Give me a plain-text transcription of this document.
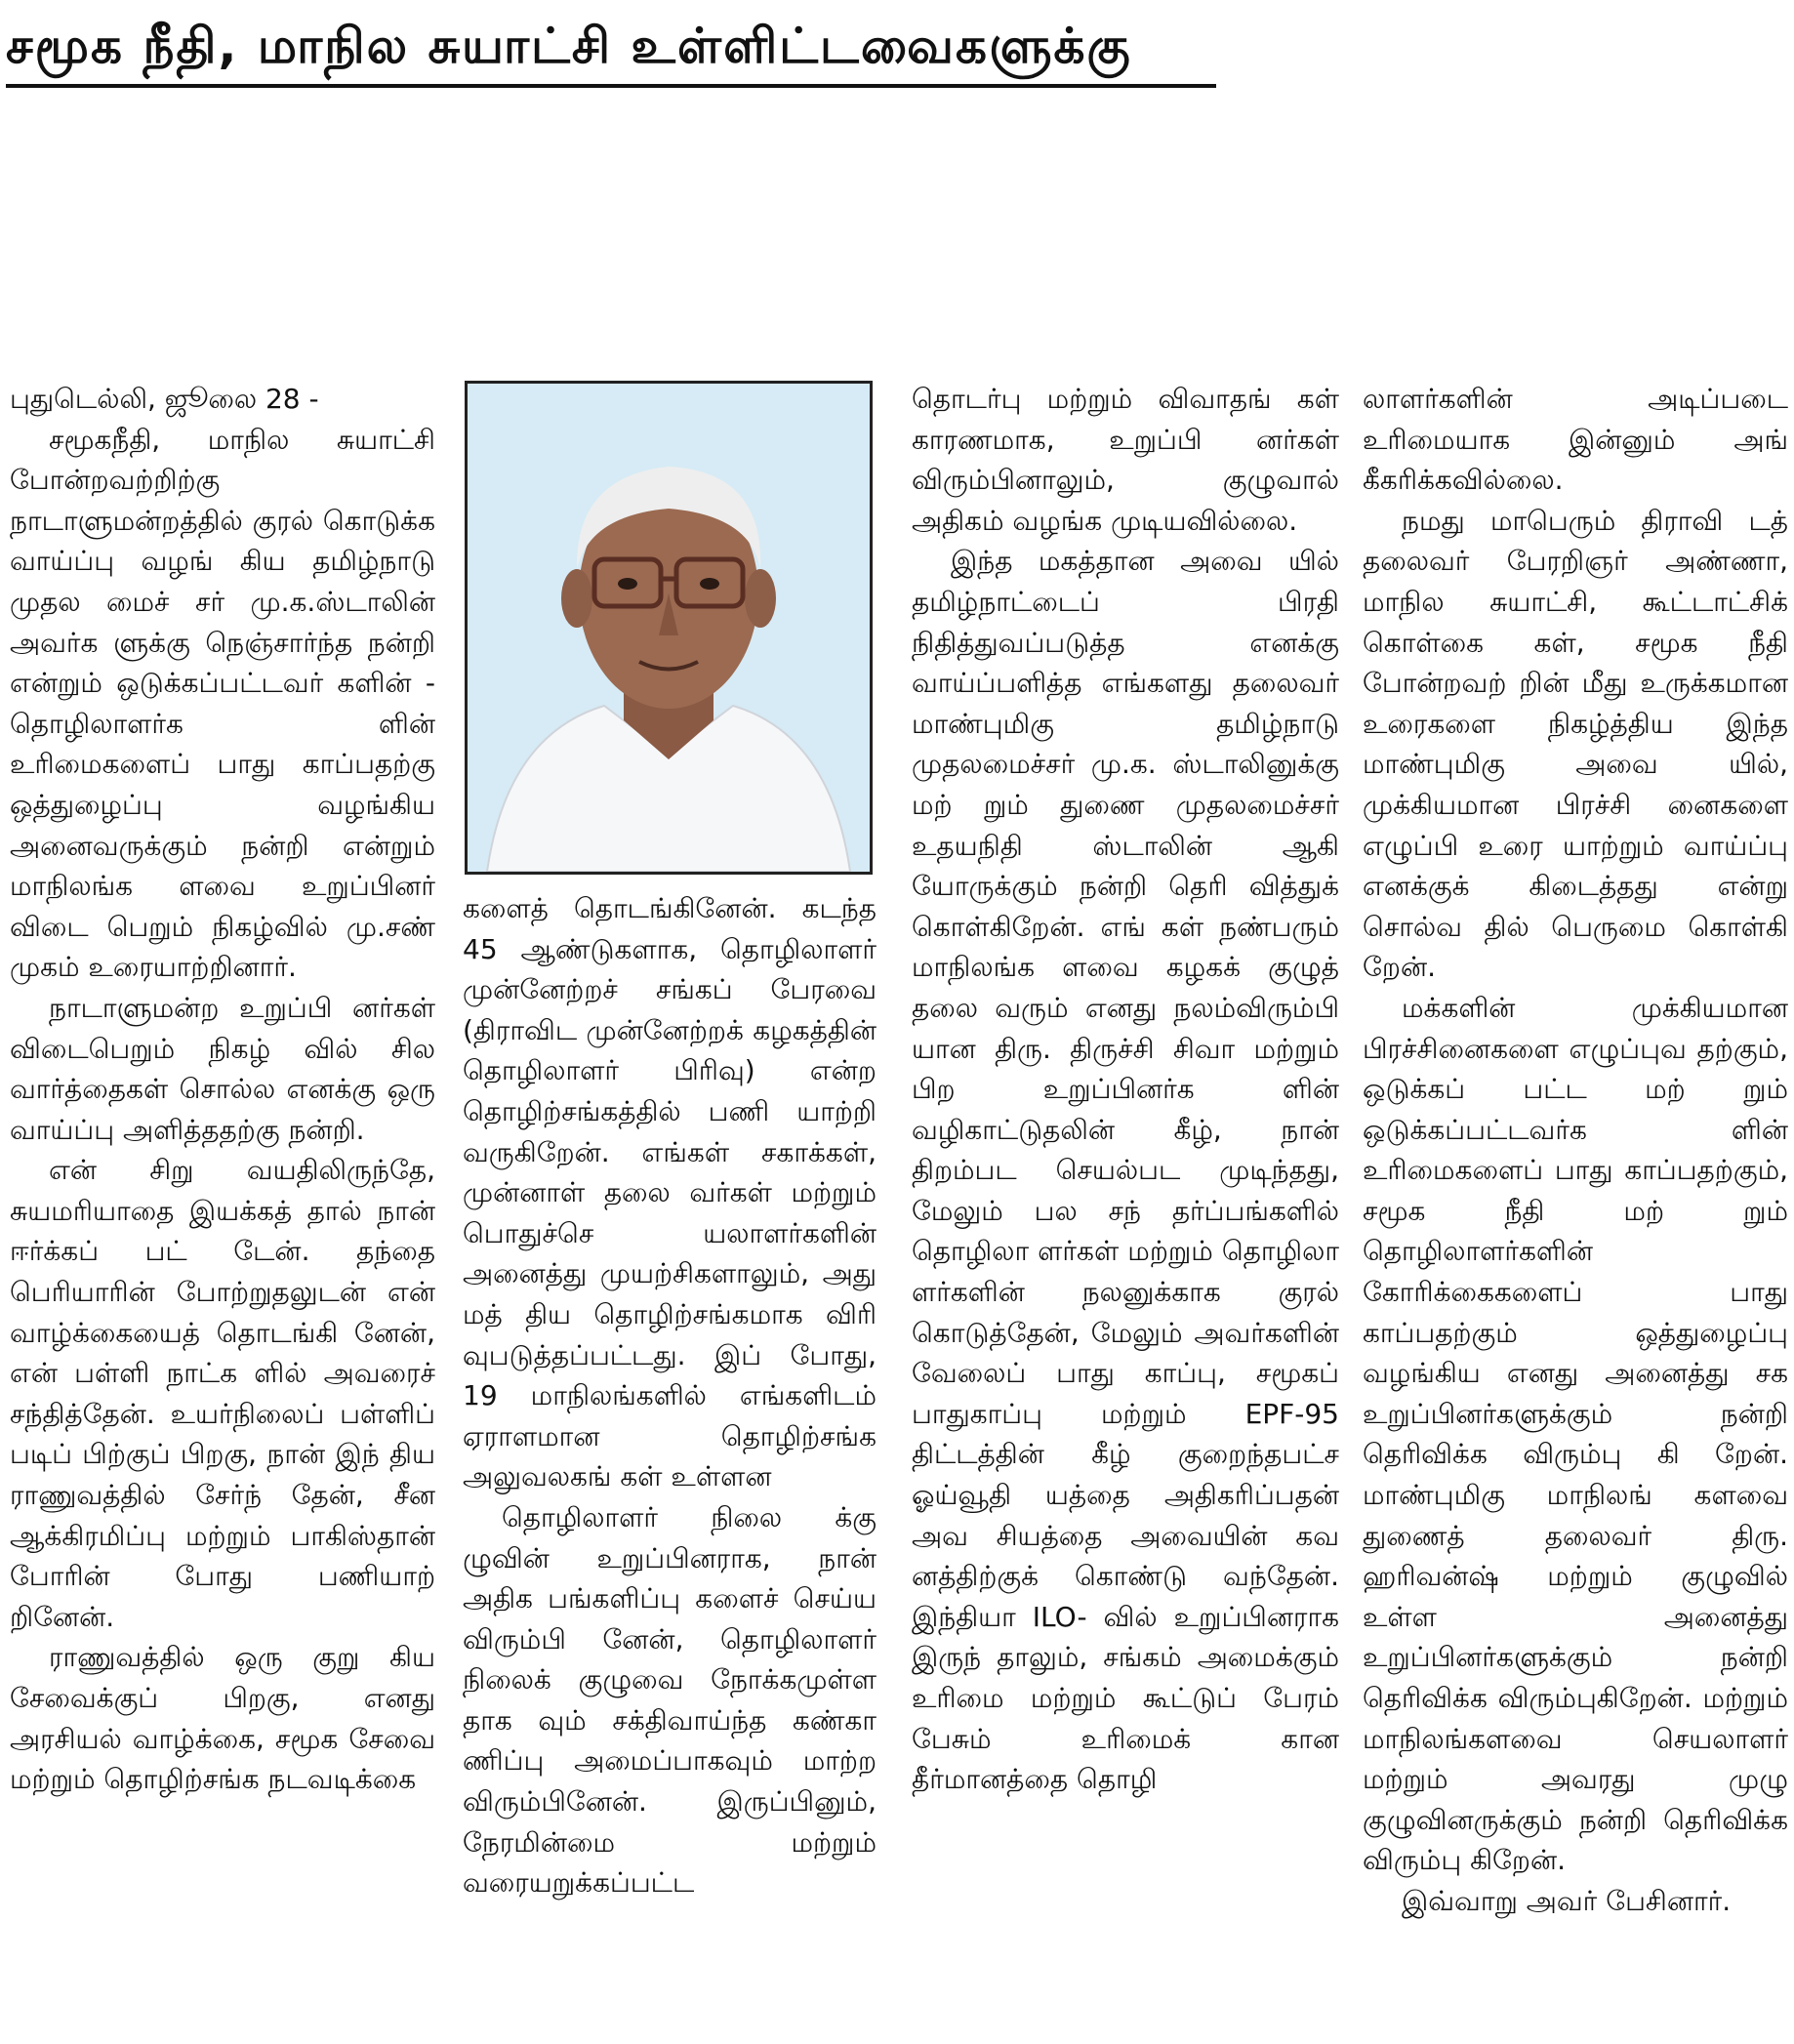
சமூக நீதி, மாநில சுயாட்சி உள்ளிட்டவைகளுக்கு

புதுடெல்லி, ஜூலை 28 -

சமூகநீதி, மாநில சுயாட்சி போன்றவற்றிற்கு நாடாளுமன்றத்தில் குரல் கொடுக்க வாய்ப்பு வழங் கிய தமிழ்நாடு முதல மைச் சர் மு.க.ஸ்டாலின் அவர்க ளுக்கு நெஞ்சார்ந்த நன்றி என்றும் ஒடுக்கப்பட்டவர் களின் - தொழிலாளர்க ளின் உரிமைகளைப் பாது காப்பதற்கு ஒத்துழைப்பு வழங்கிய அனைவருக்கும் நன்றி என்றும் மாநிலங்க ளவை உறுப்பினர் விடை பெறும் நிகழ்வில் மு.சண் முகம் உரையாற்றினார்.

நாடாளுமன்ற உறுப்பி னர்கள் விடைபெறும் நிகழ் வில் சில வார்த்தைகள் சொல்ல எனக்கு ஒரு வாய்ப்பு அளித்ததற்கு நன்றி.

என் சிறு வயதிலிருந்தே, சுயமரியாதை இயக்கத் தால் நான் ஈர்க்கப் பட் டேன். தந்தை பெரியாரின் போற்றுதலுடன் என் வாழ்க்கையைத் தொடங்கி னேன், என் பள்ளி நாட்க ளில் அவரைச் சந்தித்தேன். உயர்நிலைப் பள்ளிப் படிப் பிற்குப் பிறகு, நான் இந் திய ராணுவத்தில் சேர்ந் தேன், சீன ஆக்கிரமிப்பு மற்றும் பாகிஸ்தான் போரின் போது பணியாற் றினேன்.

ராணுவத்தில் ஒரு குறு கிய சேவைக்குப் பிறகு, எனது அரசியல் வாழ்க்கை, சமூக சேவை மற்றும் தொழிற்சங்க நடவடிக்கை

களைத் தொடங்கினேன். கடந்த 45 ஆண்டுகளாக, தொழிலாளர் முன்னேற்றச் சங்கப் பேரவை (திராவிட முன்னேற்றக் கழகத்தின் தொழிலாளர் பிரிவு) என்ற தொழிற்சங்கத்தில் பணி யாற்றி வருகிறேன். எங்கள் சகாக்கள், முன்னாள் தலை வர்கள் மற்றும் பொதுச்செ யலாளர்களின் அனைத்து முயற்சிகளாலும், அது மத் திய தொழிற்சங்கமாக விரி வுபடுத்தப்பட்டது. இப் போது, 19 மாநிலங்களில் எங்களிடம் ஏராளமான தொழிற்சங்க அலுவலகங் கள் உள்ளன

தொழிலாளர் நிலை க்கு ழுவின் உறுப்பினராக, நான் அதிக பங்களிப்பு களைச் செய்ய விரும்பி னேன், தொழிலாளர் நிலைக் குழுவை நோக்கமுள்ள தாக வும் சக்திவாய்ந்த கண்கா ணிப்பு அமைப்பாகவும் மாற்ற விரும்பினேன். இருப்பினும், நேரமின்மை மற்றும் வரையறுக்கப்பட்ட

தொடர்பு மற்றும் விவாதங் கள் காரணமாக, உறுப்பி னர்கள் விரும்பினாலும், குழுவால் அதிகம் வழங்க முடியவில்லை.

இந்த மகத்தான அவை யில் தமிழ்நாட்டைப் பிரதி நிதித்துவப்படுத்த எனக்கு வாய்ப்பளித்த எங்களது தலைவர் மாண்புமிகு தமிழ்நாடு முதலமைச்சர் மு.க. ஸ்டாலினுக்கு மற் றும் துணை முதலமைச்சர் உதயநிதி ஸ்டாலின் ஆகி யோருக்கும் நன்றி தெரி வித்துக் கொள்கிறேன். எங் கள் நண்பரும் மாநிலங்க ளவை கழகக் குழுத் தலை வரும் எனது நலம்விரும்பி யான திரு. திருச்சி சிவா மற்றும் பிற உறுப்பினர்க ளின் வழிகாட்டுதலின் கீழ், நான் திறம்பட செயல்பட முடிந்தது, மேலும் பல சந் தர்ப்பங்களில் தொழிலா ளர்கள் மற்றும் தொழிலா ளர்களின் நலனுக்காக குரல் கொடுத்தேன், மேலும் அவர்களின் வேலைப் பாது காப்பு, சமூகப் பாதுகாப்பு மற்றும் EPF-95 திட்டத்தின் கீழ் குறைந்தபட்ச ஓய்வூதி யத்தை அதிகரிப்பதன் அவ சியத்தை அவையின் கவ னத்திற்குக் கொண்டு வந்தேன். இந்தியா ILO- வில் உறுப்பினராக இருந் தாலும், சங்கம் அமைக்கும் உரிமை மற்றும் கூட்டுப் பேரம் பேசும் உரிமைக் கான தீர்மானத்தை தொழி

லாளர்களின் அடிப்படை உரிமையாக இன்னும் அங் கீகரிக்கவில்லை.

நமது மாபெரும் திராவி டத் தலைவர் பேரறிஞர் அண்ணா, மாநில சுயாட்சி, கூட்டாட்சிக் கொள்கை கள், சமூக நீதி போன்றவற் றின் மீது உருக்கமான உரைகளை நிகழ்த்திய இந்த மாண்புமிகு அவை யில், முக்கியமான பிரச்சி னைகளை எழுப்பி உரை யாற்றும் வாய்ப்பு எனக்குக் கிடைத்தது என்று சொல்வ தில் பெருமை கொள்கி றேன்.

மக்களின் முக்கியமான பிரச்சினைகளை எழுப்புவ தற்கும், ஒடுக்கப் பட்ட மற் றும் ஒடுக்கப்பட்டவர்க ளின் உரிமைகளைப் பாது காப்பதற்கும், சமூக நீதி மற் றும் தொழிலாளர்களின் கோரிக்கைகளைப் பாது காப்பதற்கும் ஒத்துழைப்பு வழங்கிய எனது அனைத்து சக உறுப்பினர்களுக்கும் நன்றி தெரிவிக்க விரும்பு கி றேன். மாண்புமிகு மாநிலங் களவை துணைத் தலைவர் திரு. ஹரிவன்ஷ் மற்றும் குழுவில் உள்ள அனைத்து உறுப்பினர்களுக்கும் நன்றி தெரிவிக்க விரும்புகிறேன். மற்றும் மாநிலங்களவை செயலாளர் மற்றும் அவரது முழு குழுவினருக்கும் நன்றி தெரிவிக்க விரும்பு கிறேன்.

இவ்வாறு அவர் பேசினார்.
